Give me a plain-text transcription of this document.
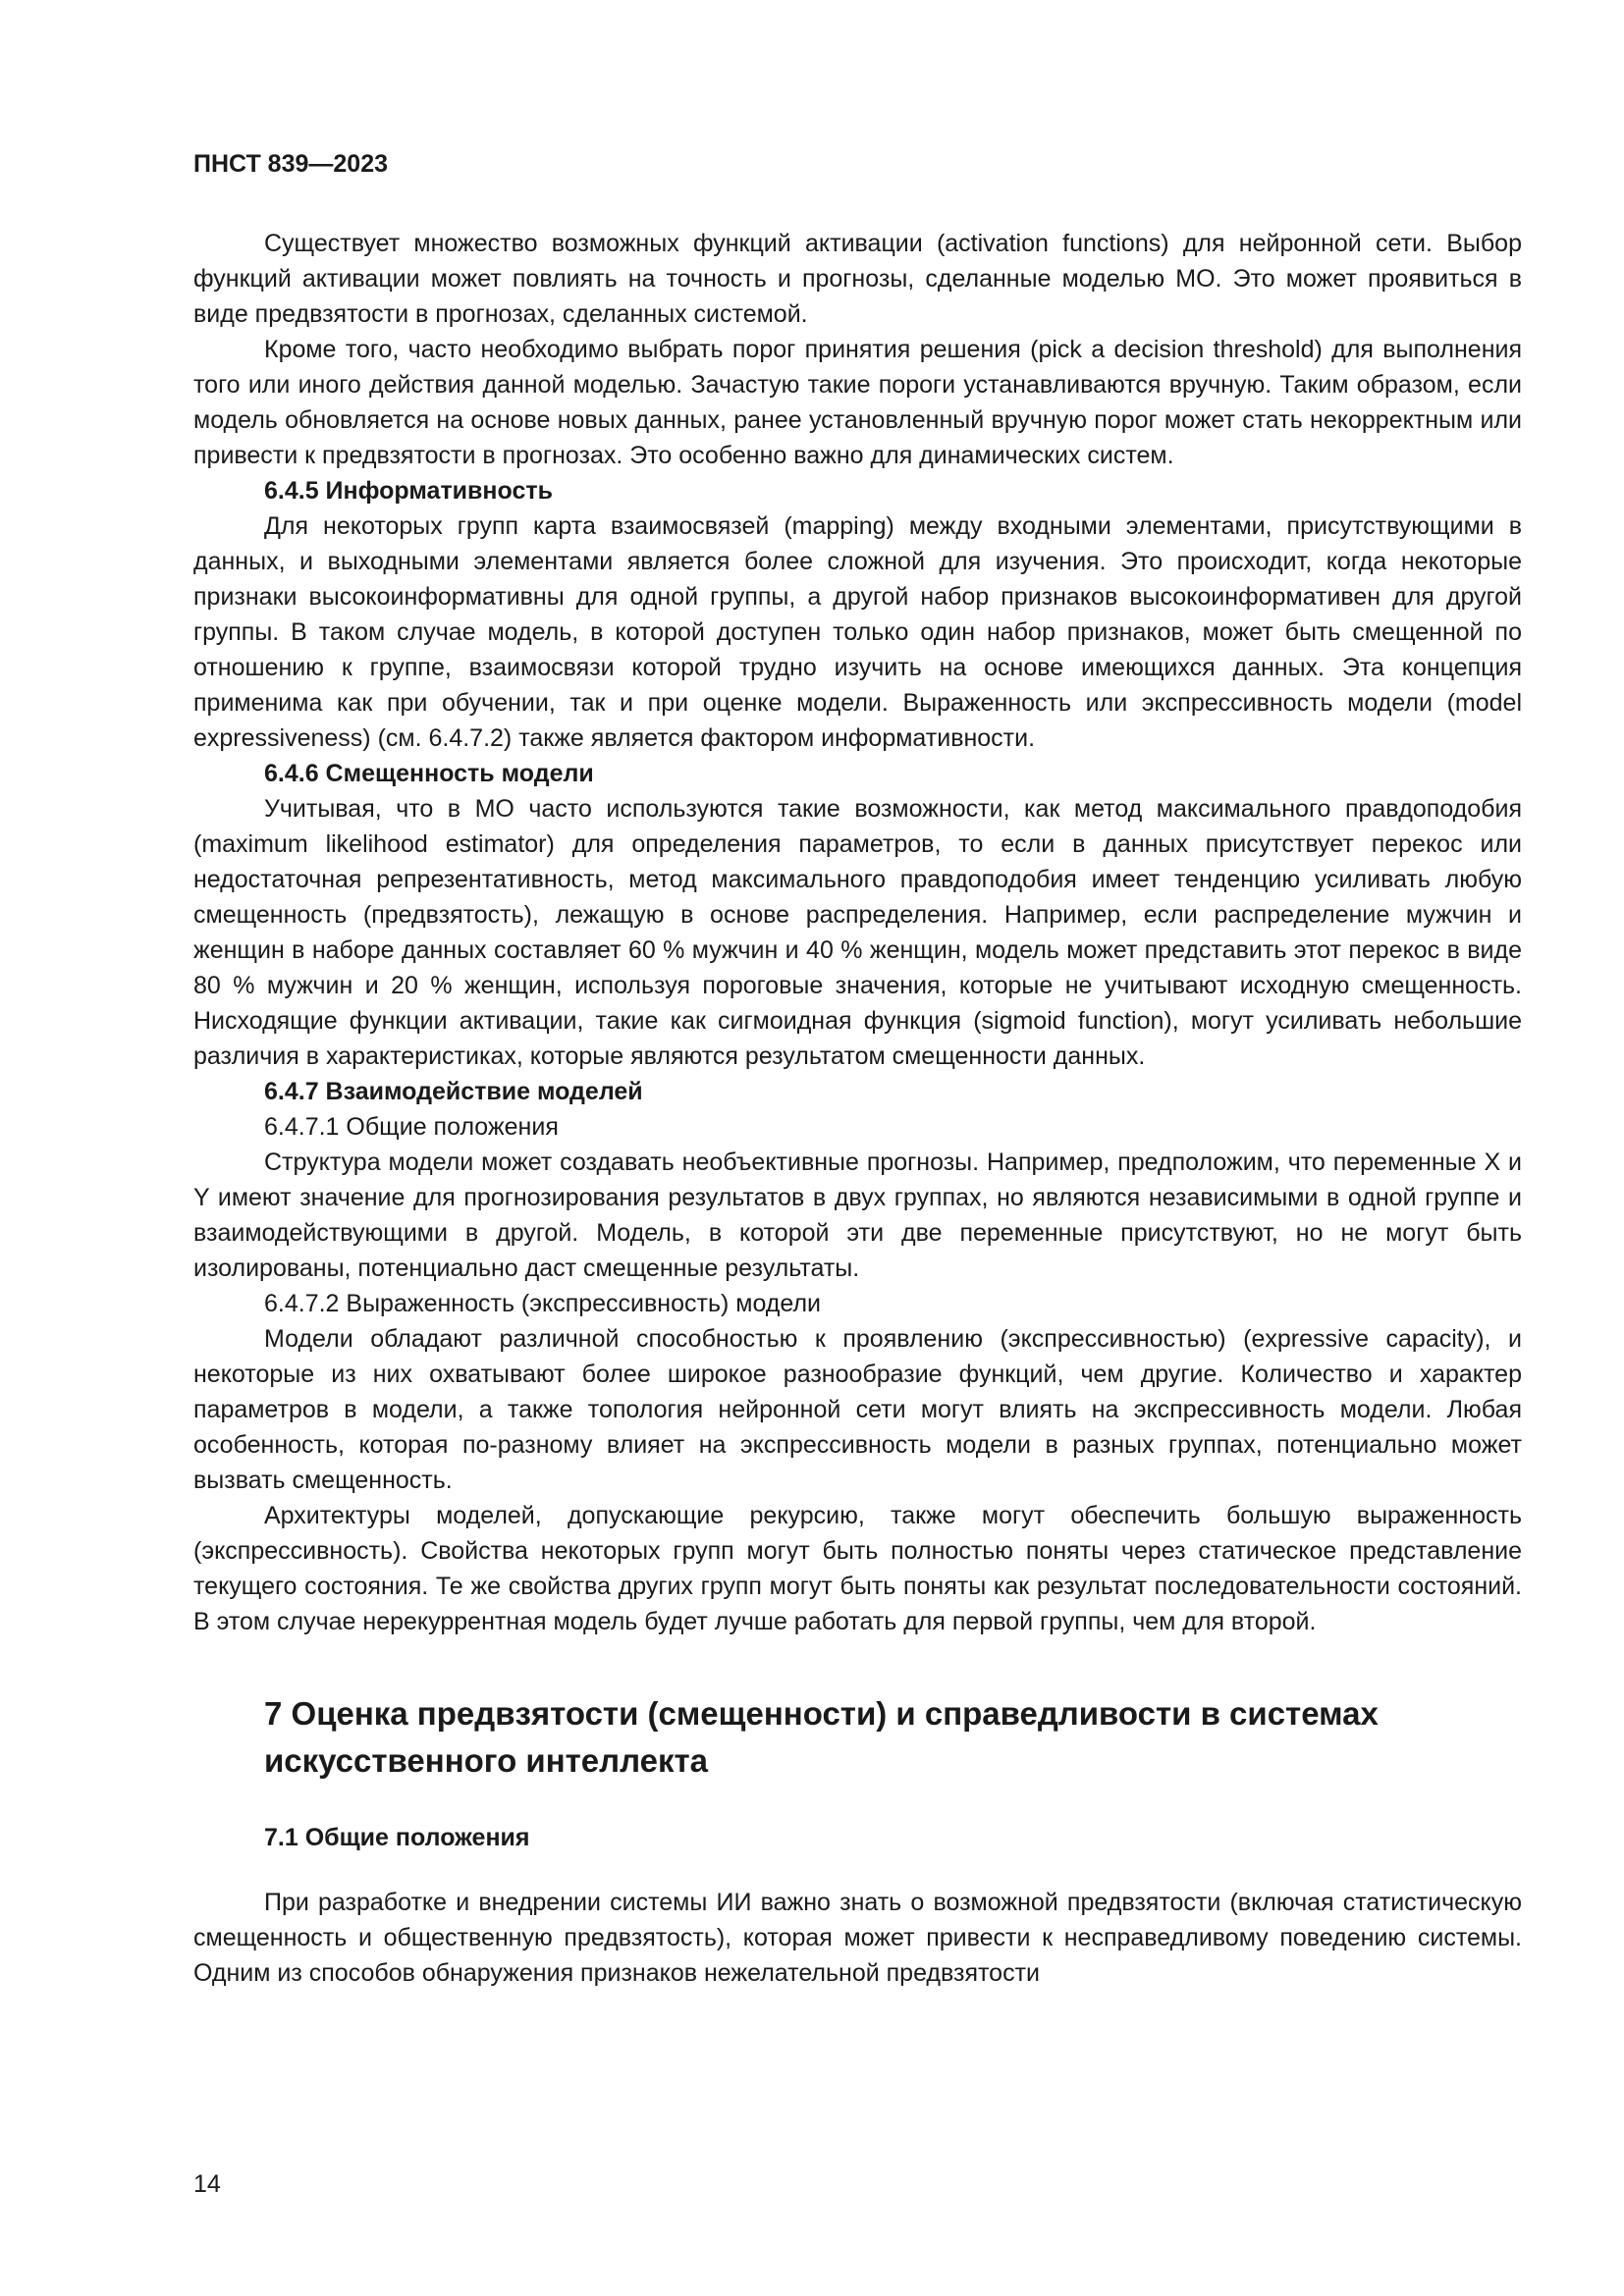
ПНСТ 839—2023

Существует множество возможных функций активации (activation functions) для нейронной сети. Выбор функций активации может повлиять на точность и прогнозы, сделанные моделью МО. Это может проявиться в виде предвзятости в прогнозах, сделанных системой.

Кроме того, часто необходимо выбрать порог принятия решения (pick a decision threshold) для выполнения того или иного действия данной моделью. Зачастую такие пороги устанавливаются вручную. Таким образом, если модель обновляется на основе новых данных, ранее установленный вручную порог может стать некорректным или привести к предвзятости в прогнозах. Это особенно важно для динамических систем.

6.4.5 Информативность

Для некоторых групп карта взаимосвязей (mapping) между входными элементами, присутствующими в данных, и выходными элементами является более сложной для изучения. Это происходит, когда некоторые признаки высокоинформативны для одной группы, а другой набор признаков высокоинформативен для другой группы. В таком случае модель, в которой доступен только один набор признаков, может быть смещенной по отношению к группе, взаимосвязи которой трудно изучить на основе имеющихся данных. Эта концепция применима как при обучении, так и при оценке модели. Выраженность или экспрессивность модели (model expressiveness) (см. 6.4.7.2) также является фактором информативности.

6.4.6 Смещенность модели

Учитывая, что в МО часто используются такие возможности, как метод максимального правдоподобия (maximum likelihood estimator) для определения параметров, то если в данных присутствует перекос или недостаточная репрезентативность, метод максимального правдоподобия имеет тенденцию усиливать любую смещенность (предвзятость), лежащую в основе распределения. Например, если распределение мужчин и женщин в наборе данных составляет 60 % мужчин и 40 % женщин, модель может представить этот перекос в виде 80 % мужчин и 20 % женщин, используя пороговые значения, которые не учитывают исходную смещенность. Нисходящие функции активации, такие как сигмоидная функция (sigmoid function), могут усиливать небольшие различия в характеристиках, которые являются результатом смещенности данных.

6.4.7 Взаимодействие моделей
6.4.7.1 Общие положения

Структура модели может создавать необъективные прогнозы. Например, предположим, что переменные X и Y имеют значение для прогнозирования результатов в двух группах, но являются независимыми в одной группе и взаимодействующими в другой. Модель, в которой эти две переменные присутствуют, но не могут быть изолированы, потенциально даст смещенные результаты.

6.4.7.2 Выраженность (экспрессивность) модели

Модели обладают различной способностью к проявлению (экспрессивностью) (expressive capacity), и некоторые из них охватывают более широкое разнообразие функций, чем другие. Количество и характер параметров в модели, а также топология нейронной сети могут влиять на экспрессивность модели. Любая особенность, которая по-разному влияет на экспрессивность модели в разных группах, потенциально может вызвать смещенность.

Архитектуры моделей, допускающие рекурсию, также могут обеспечить большую выраженность (экспрессивность). Свойства некоторых групп могут быть полностью поняты через статическое представление текущего состояния. Те же свойства других групп могут быть поняты как результат последовательности состояний. В этом случае нерекуррентная модель будет лучше работать для первой группы, чем для второй.

7 Оценка предвзятости (смещенности) и справедливости в системах
искусственного интеллекта
7.1 Общие положения

При разработке и внедрении системы ИИ важно знать о возможной предвзятости (включая статистическую смещенность и общественную предвзятость), которая может привести к несправедливому поведению системы. Одним из способов обнаружения признаков нежелательной предвзятости

14
